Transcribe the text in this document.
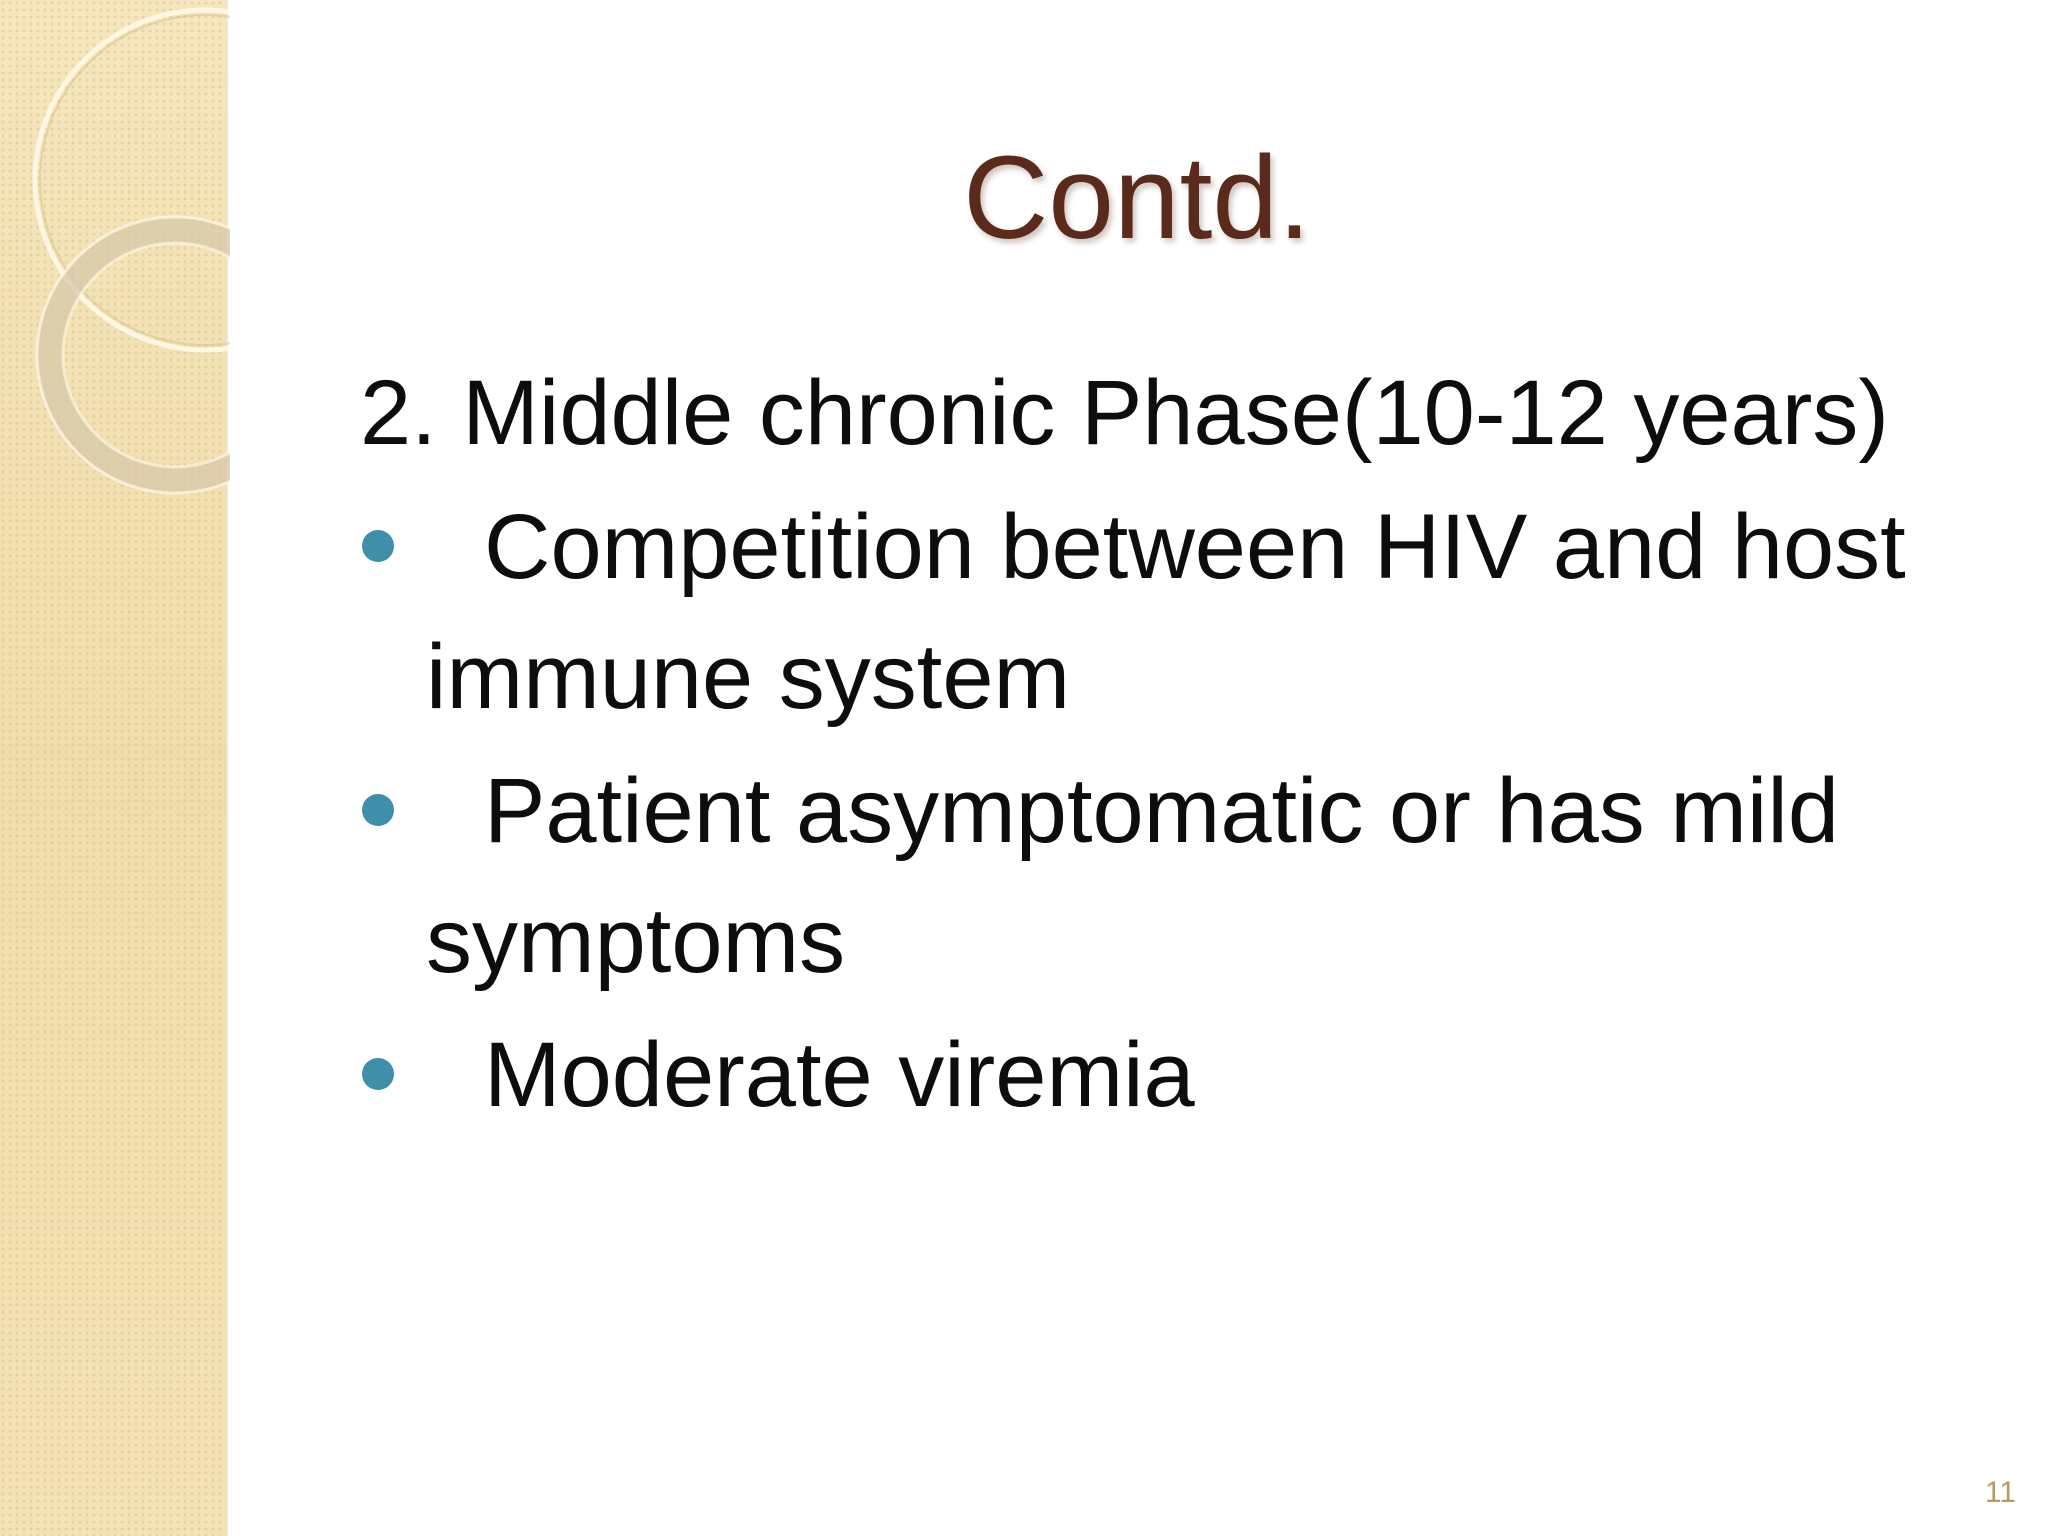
Contd.

2. Middle chronic Phase(10-12 years)

Competition between HIV and host immune system
Patient asymptomatic or has mild  symptoms
Moderate viremia
11
